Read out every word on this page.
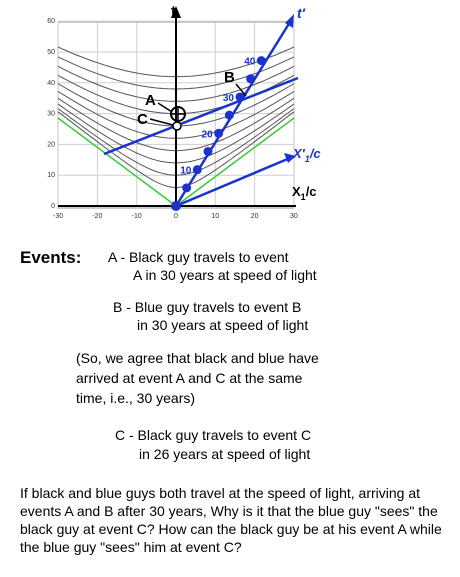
-30	-20	-10	0	10	20	30
0
10
20
30
40
50
60
10
20
30
40
t	t′
A
C
B
$X'_1/c$
$X_1/c$
Events: A - Black guy travels to event
A in 30 years at speed of light
B - Blue guy travels to event B
in 30 years at speed of light
(So, we agree that black and blue have
arrived at event A and C at the same
time, i.e., 30 years)
C - Black guy travels to event C
in 26 years at speed of light
If black and blue guys both travel at the speed of light, arriving at events A and B after 30 years, Why is it that the blue guy "sees" the black guy at event C? How can the black guy be at his event A while the blue guy "sees" him at event C?
